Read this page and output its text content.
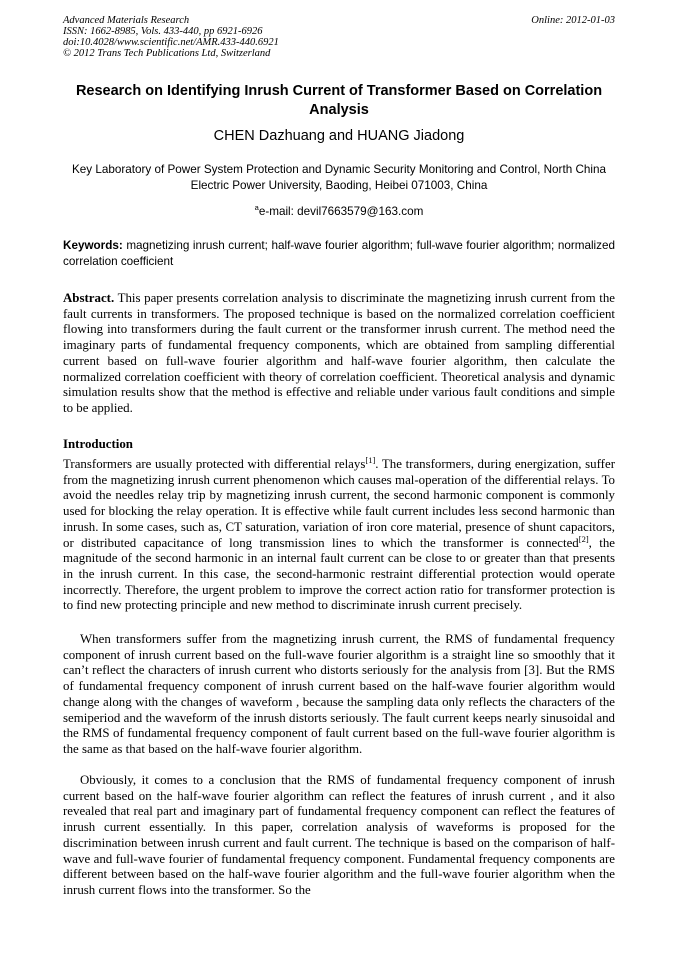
Advanced Materials Research
ISSN: 1662-8985, Vols. 433-440, pp 6921-6926
doi:10.4028/www.scientific.net/AMR.433-440.6921
© 2012 Trans Tech Publications Ltd, Switzerland
Online: 2012-01-03
Research on Identifying Inrush Current of Transformer Based on Correlation Analysis
CHEN Dazhuang and HUANG Jiadong
Key Laboratory of Power System Protection and Dynamic Security Monitoring and Control, North China Electric Power University, Baoding, Heibei 071003, China
$^a$e-mail: devil7663579@163.com
Keywords: magnetizing inrush current; half-wave fourier algorithm; full-wave fourier algorithm; normalized correlation coefficient
Abstract. This paper presents correlation analysis to discriminate the magnetizing inrush current from the fault currents in transformers. The proposed technique is based on the normalized correlation coefficient flowing into transformers during the fault current or the transformer inrush current. The method need the imaginary parts of fundamental frequency components, which are obtained from sampling differential current based on full-wave fourier algorithm and half-wave fourier algorithm, then calculate the normalized correlation coefficient with theory of correlation coefficient. Theoretical analysis and dynamic simulation results show that the method is effective and reliable under various fault conditions and simple to be applied.
Introduction
Transformers are usually protected with differential relays[1]. The transformers, during energization, suffer from the magnetizing inrush current phenomenon which causes mal-operation of the differential relays. To avoid the needles relay trip by magnetizing inrush current, the second harmonic component is commonly used for blocking the relay operation. It is effective while fault current includes less second harmonic than inrush. In some cases, such as, CT saturation, variation of iron core material, presence of shunt capacitors, or distributed capacitance of long transmission lines to which the transformer is connected[2], the magnitude of the second harmonic in an internal fault current can be close to or greater than that presents in the inrush current. In this case, the second-harmonic restraint differential protection would operate incorrectly. Therefore, the urgent problem to improve the correct action ratio for transformer protection is to find new protecting principle and new method to discriminate inrush current precisely.
When transformers suffer from the magnetizing inrush current, the RMS of fundamental frequency component of inrush current based on the full-wave fourier algorithm is a straight line so smoothly that it can’t reflect the characters of inrush current who distorts seriously for the analysis from [3]. But the RMS of fundamental frequency component of inrush current based on the half-wave fourier algorithm would change along with the changes of waveform , because the sampling data only reflects the characters of the semiperiod and the waveform of the inrush distorts seriously. The fault current keeps nearly sinusoidal and the RMS of fundamental frequency component of fault current based on the full-wave fourier algorithm is the same as that based on the half-wave fourier algorithm.
Obviously, it comes to a conclusion that the RMS of fundamental frequency component of inrush current based on the half-wave fourier algorithm can reflect the features of inrush current , and it also revealed that real part and imaginary part of fundamental frequency component can reflect the features of inrush current essentially. In this paper, correlation analysis of waveforms is proposed for the discrimination between inrush current and fault current. The technique is based on the comparison of half-wave and full-wave fourier of fundamental frequency component. Fundamental frequency components are different between based on the half-wave fourier algorithm and the full-wave fourier algorithm when the inrush current flows into the transformer. So the
